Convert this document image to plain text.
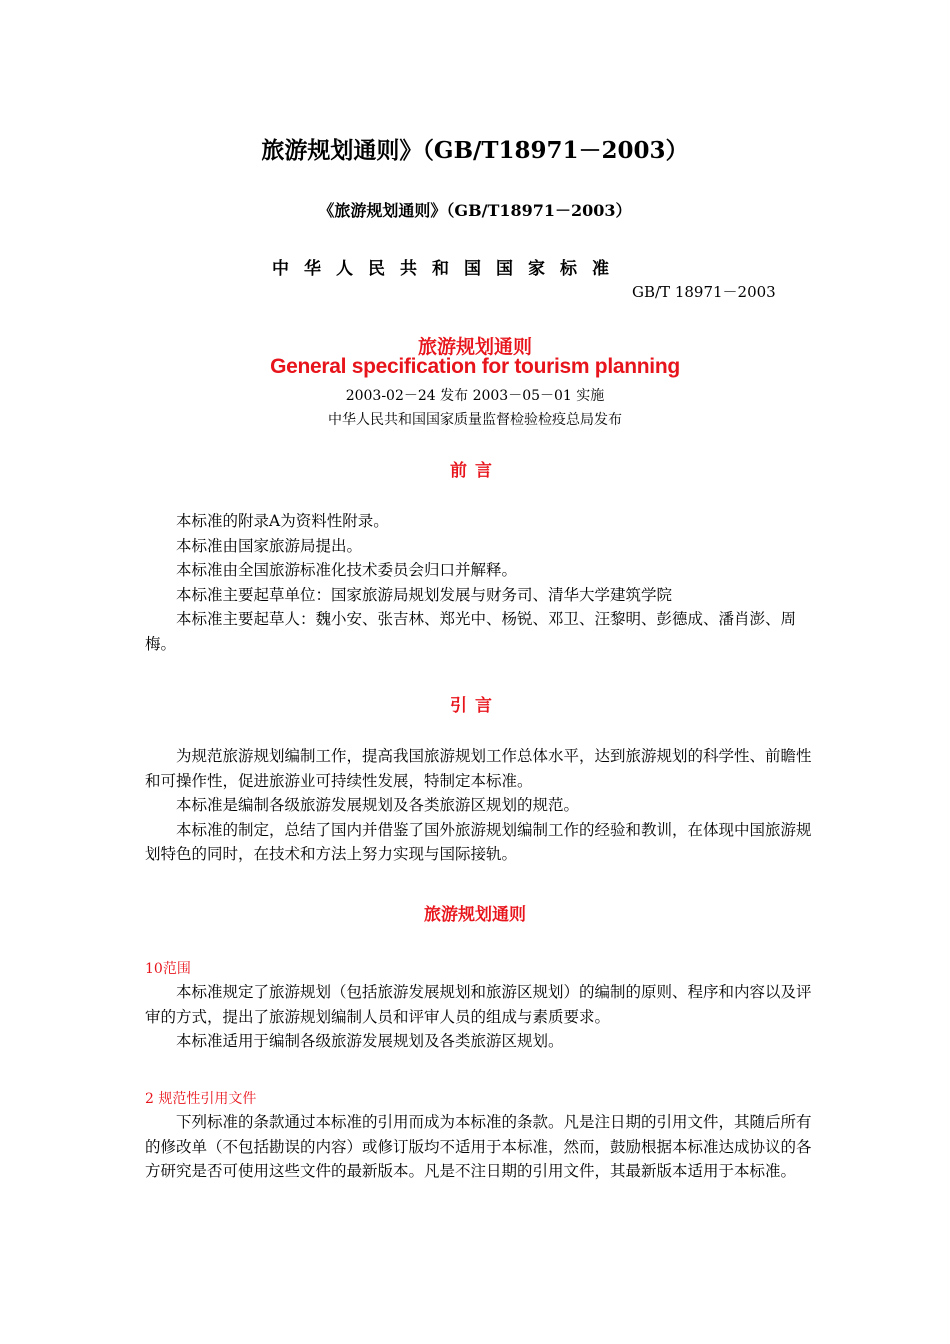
旅游规划通则》（GB/T18971－2003）
《旅游规划通则》（GB/T18971－2003）
中华人民共和国国家标准
GB/T 18971－2003
旅游规划通则
General specification for tourism planning
2003-02－24 发布 2003－05－01 实施
中华人民共和国国家质量监督检验检疫总局发布
前言

本标准的附录A为资料性附录。

本标准由国家旅游局提出。

本标准由全国旅游标准化技术委员会归口并解释。

本标准主要起草单位：国家旅游局规划发展与财务司、清华大学建筑学院

本标准主要起草人：魏小安、张吉林、郑光中、杨锐、邓卫、汪黎明、彭德成、潘肖澎、周梅。

引言

为规范旅游规划编制工作，提高我国旅游规划工作总体水平，达到旅游规划的科学性、前瞻性和可操作性，促进旅游业可持续性发展，特制定本标准。

本标准是编制各级旅游发展规划及各类旅游区规划的规范。

本标准的制定，总结了国内并借鉴了国外旅游规划编制工作的经验和教训，在体现中国旅游规划特色的同时，在技术和方法上努力实现与国际接轨。

旅游规划通则
10范围

本标准规定了旅游规划（包括旅游发展规划和旅游区规划）的编制的原则、程序和内容以及评审的方式，提出了旅游规划编制人员和评审人员的组成与素质要求。

本标准适用于编制各级旅游发展规划及各类旅游区规划。

2 规范性引用文件

下列标准的条款通过本标准的引用而成为本标准的条款。凡是注日期的引用文件，其随后所有的修改单（不包括勘误的内容）或修订版均不适用于本标准，然而，鼓励根据本标准达成协议的各方研究是否可使用这些文件的最新版本。凡是不注日期的引用文件，其最新版本适用于本标准。
